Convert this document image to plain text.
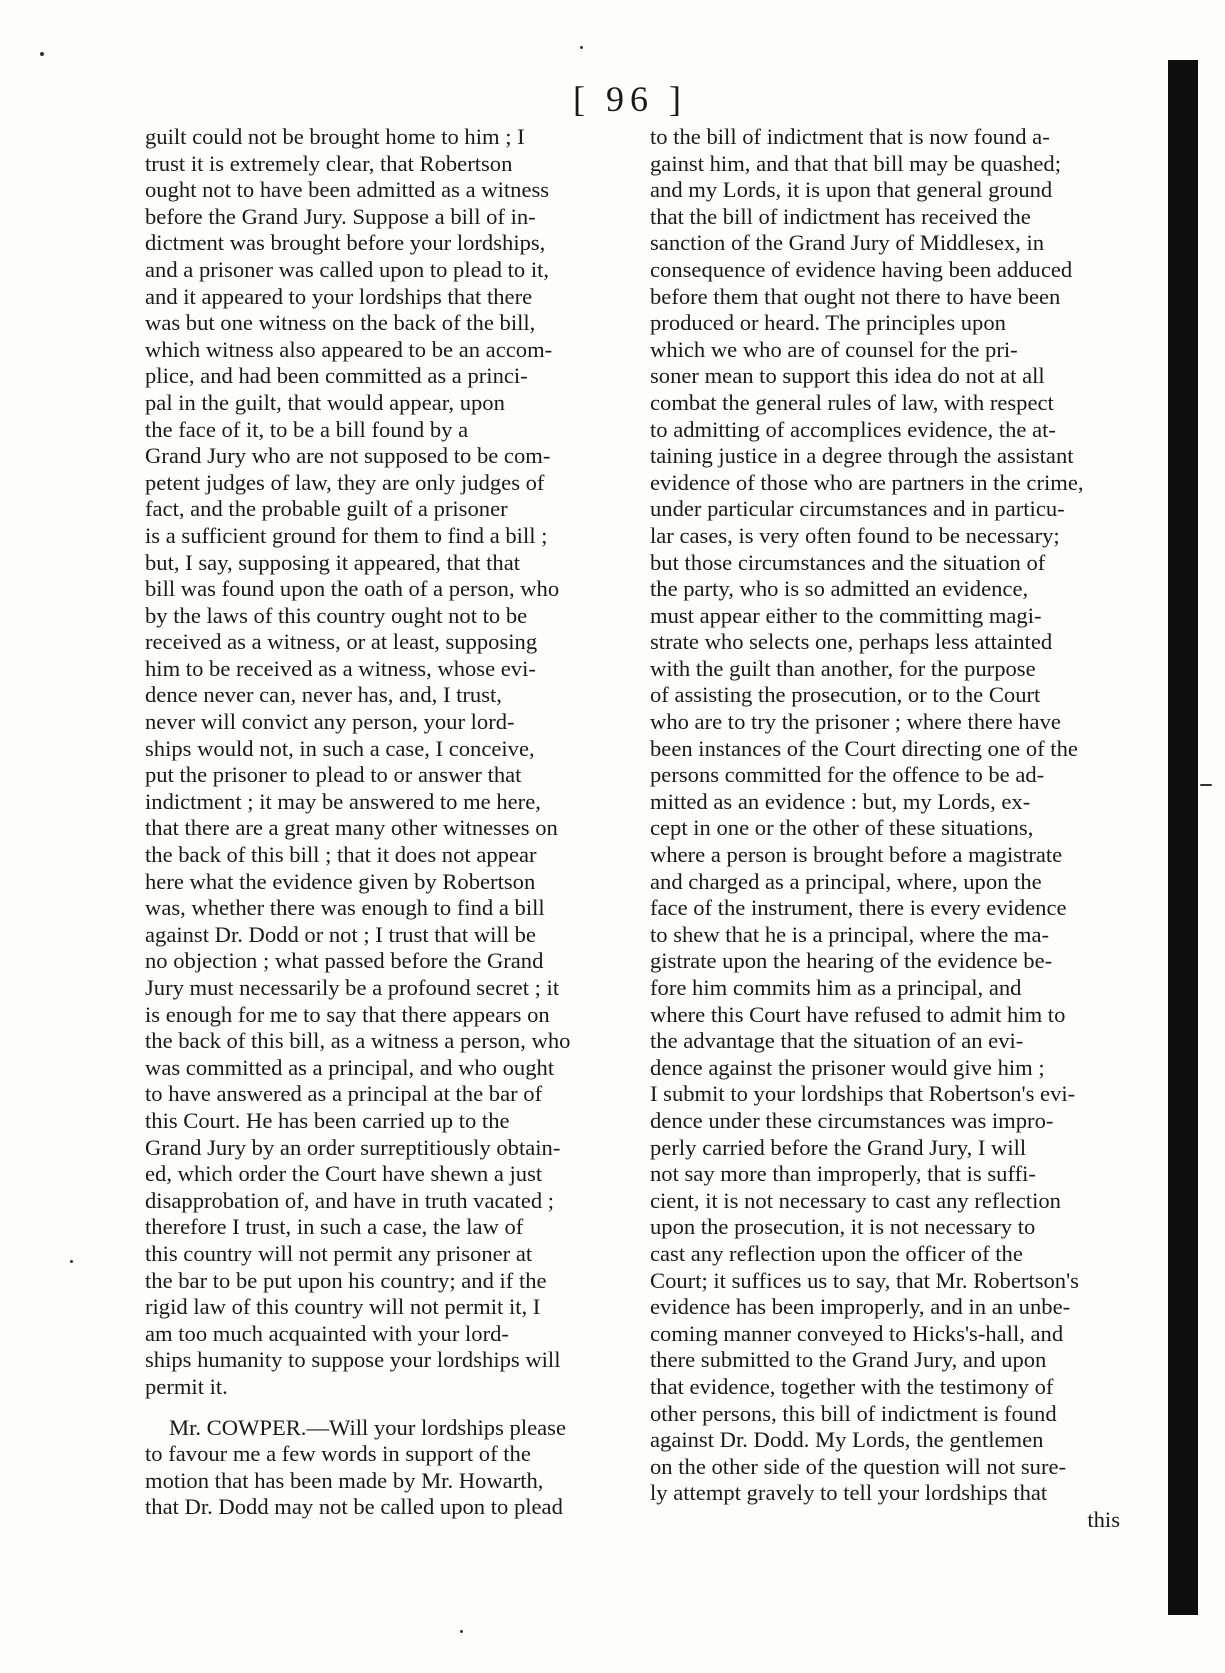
[ 96 ]
guilt could not be brought home to him ; I
trust it is extremely clear, that Robertson
ought not to have been admitted as a witness
before the Grand Jury. Suppose a bill of in-
dictment was brought before your lordships,
and a prisoner was called upon to plead to it,
and it appeared to your lordships that there
was but one witness on the back of the bill,
which witness also appeared to be an accom-
plice, and had been committed as a princi-
pal in the guilt, that would appear, upon
the face of it, to be a bill found by a
Grand Jury who are not supposed to be com-
petent judges of law, they are only judges of
fact, and the probable guilt of a prisoner
is a sufficient ground for them to find a bill ;
but, I say, supposing it appeared, that that
bill was found upon the oath of a person, who
by the laws of this country ought not to be
received as a witness, or at least, supposing
him to be received as a witness, whose evi-
dence never can, never has, and, I trust,
never will convict any person, your lord-
ships would not, in such a case, I conceive,
put the prisoner to plead to or answer that
indictment ; it may be answered to me here,
that there are a great many other witnesses on
the back of this bill ; that it does not appear
here what the evidence given by Robertson
was, whether there was enough to find a bill
against Dr. Dodd or not ; I trust that will be
no objection ; what passed before the Grand
Jury must necessarily be a profound secret ; it
is enough for me to say that there appears on
the back of this bill, as a witness a person, who
was committed as a principal, and who ought
to have answered as a principal at the bar of
this Court. He has been carried up to the
Grand Jury by an order surreptitiously obtain-
ed, which order the Court have shewn a just
disapprobation of, and have in truth vacated ;
therefore I trust, in such a case, the law of
this country will not permit any prisoner at
the bar to be put upon his country; and if the
rigid law of this country will not permit it, I
am too much acquainted with your lord-
ships humanity to suppose your lordships will
permit it.
Mr. COWPER.—Will your lordships please
to favour me a few words in support of the
motion that has been made by Mr. Howarth,
that Dr. Dodd may not be called upon to plead
to the bill of indictment that is now found a-
gainst him, and that that bill may be quashed;
and my Lords, it is upon that general ground
that the bill of indictment has received the
sanction of the Grand Jury of Middlesex, in
consequence of evidence having been adduced
before them that ought not there to have been
produced or heard. The principles upon
which we who are of counsel for the pri-
soner mean to support this idea do not at all
combat the general rules of law, with respect
to admitting of accomplices evidence, the at-
taining justice in a degree through the assistant
evidence of those who are partners in the crime,
under particular circumstances and in particu-
lar cases, is very often found to be necessary;
but those circumstances and the situation of
the party, who is so admitted an evidence,
must appear either to the committing magi-
strate who selects one, perhaps less attainted
with the guilt than another, for the purpose
of assisting the prosecution, or to the Court
who are to try the prisoner ; where there have
been instances of the Court directing one of the
persons committed for the offence to be ad-
mitted as an evidence : but, my Lords, ex-
cept in one or the other of these situations,
where a person is brought before a magistrate
and charged as a principal, where, upon the
face of the instrument, there is every evidence
to shew that he is a principal, where the ma-
gistrate upon the hearing of the evidence be-
fore him commits him as a principal, and
where this Court have refused to admit him to
the advantage that the situation of an evi-
dence against the prisoner would give him ;
I submit to your lordships that Robertson's evi-
dence under these circumstances was impro-
perly carried before the Grand Jury, I will
not say more than improperly, that is suffi-
cient, it is not necessary to cast any reflection
upon the prosecution, it is not necessary to
cast any reflection upon the officer of the
Court; it suffices us to say, that Mr. Robertson's
evidence has been improperly, and in an unbe-
coming manner conveyed to Hicks's-hall, and
there submitted to the Grand Jury, and upon
that evidence, together with the testimony of
other persons, this bill of indictment is found
against Dr. Dodd. My Lords, the gentlemen
on the other side of the question will not sure-
ly attempt gravely to tell your lordships that
this
